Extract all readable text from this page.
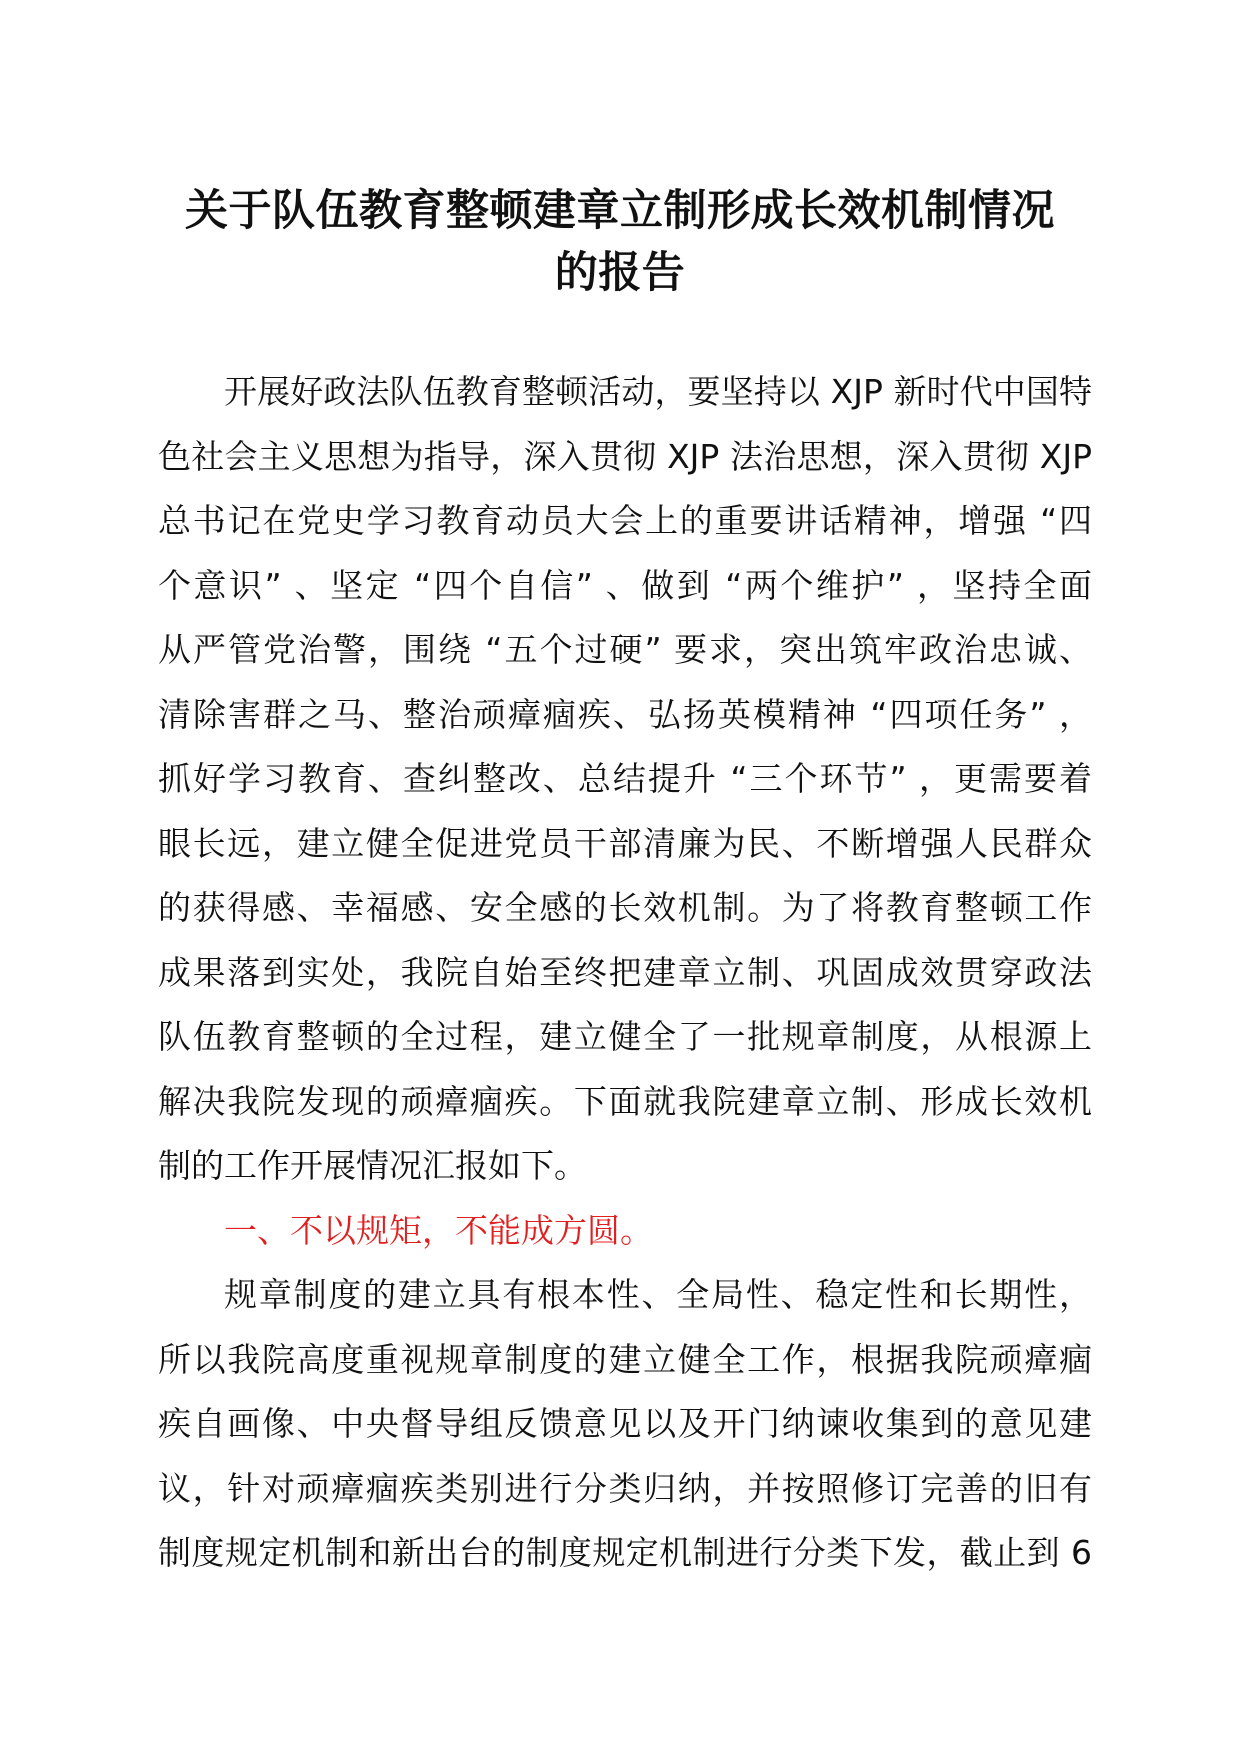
关于队伍教育整顿建章立制形成长效机制情况
的报告
开展好政法队伍教育整顿活动，要坚持以 XJP 新时代中国特
色社会主义思想为指导，深入贯彻 XJP 法治思想，深入贯彻 XJP
总书记在党史学习教育动员大会上的重要讲话精神，增强 “四
个意识” 、坚定 “四个自信” 、做到 “两个维护” ，坚持全面
从严管党治警，围绕 “五个过硬” 要求，突出筑牢政治忠诚、
清除害群之马、整治顽瘴痼疾、弘扬英模精神 “四项任务” ，
抓好学习教育、查纠整改、总结提升 “三个环节” ，更需要着
眼长远，建立健全促进党员干部清廉为民、不断增强人民群众
的获得感、幸福感、安全感的长效机制。为了将教育整顿工作
成果落到实处，我院自始至终把建章立制、巩固成效贯穿政法
队伍教育整顿的全过程，建立健全了一批规章制度，从根源上
解决我院发现的顽瘴痼疾。下面就我院建章立制、形成长效机
制的工作开展情况汇报如下。
一、不以规矩，不能成方圆。
规章制度的建立具有根本性、全局性、稳定性和长期性，
所以我院高度重视规章制度的建立健全工作，根据我院顽瘴痼
疾自画像、中央督导组反馈意见以及开门纳谏收集到的意见建
议，针对顽瘴痼疾类别进行分类归纳，并按照修订完善的旧有
制度规定机制和新出台的制度规定机制进行分类下发，截止到 6
